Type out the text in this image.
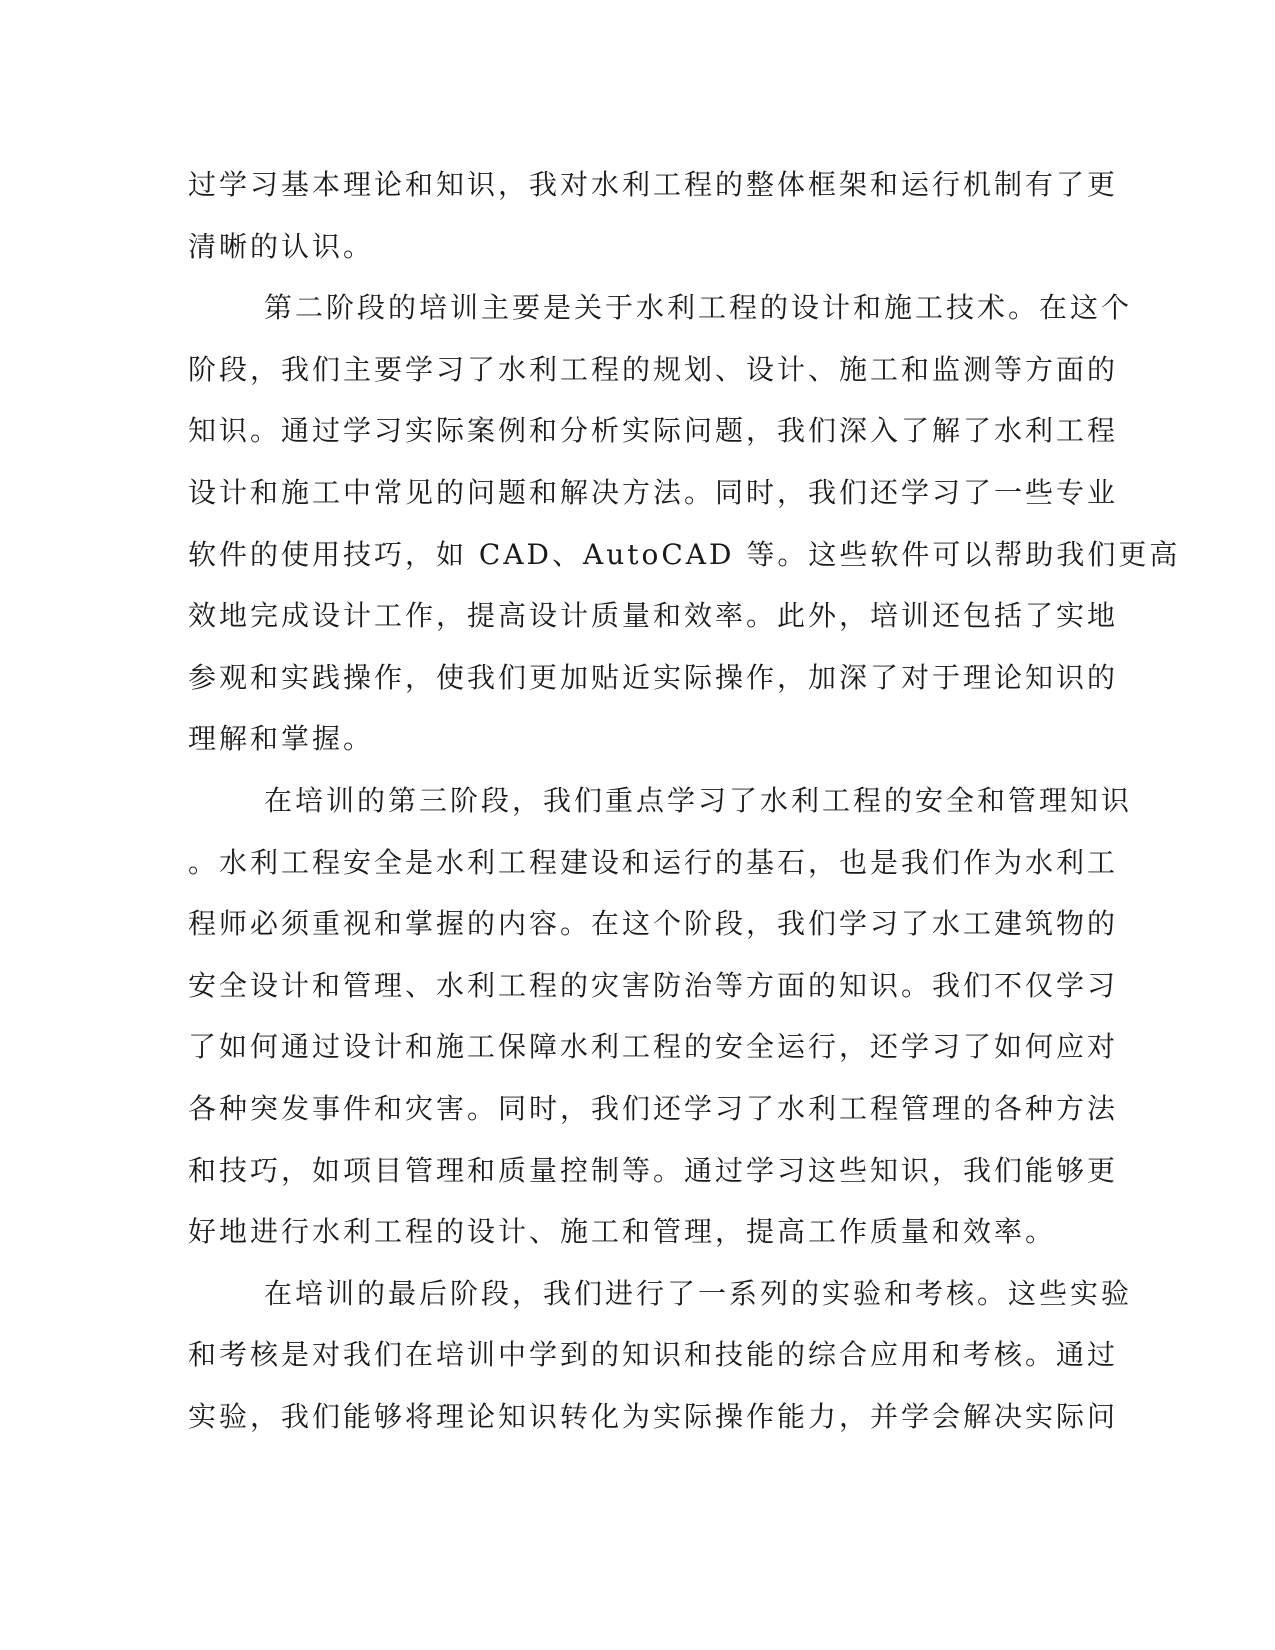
过学习基本理论和知识，我对水利工程的整体框架和运行机制有了更
清晰的认识。
第二阶段的培训主要是关于水利工程的设计和施工技术。在这个
阶段，我们主要学习了水利工程的规划、设计、施工和监测等方面的
知识。通过学习实际案例和分析实际问题，我们深入了解了水利工程
设计和施工中常见的问题和解决方法。同时，我们还学习了一些专业
软件的使用技巧，如 CAD、AutoCAD 等。这些软件可以帮助我们更高
效地完成设计工作，提高设计质量和效率。此外，培训还包括了实地
参观和实践操作，使我们更加贴近实际操作，加深了对于理论知识的
理解和掌握。
在培训的第三阶段，我们重点学习了水利工程的安全和管理知识
。水利工程安全是水利工程建设和运行的基石，也是我们作为水利工
程师必须重视和掌握的内容。在这个阶段，我们学习了水工建筑物的
安全设计和管理、水利工程的灾害防治等方面的知识。我们不仅学习
了如何通过设计和施工保障水利工程的安全运行，还学习了如何应对
各种突发事件和灾害。同时，我们还学习了水利工程管理的各种方法
和技巧，如项目管理和质量控制等。通过学习这些知识，我们能够更
好地进行水利工程的设计、施工和管理，提高工作质量和效率。
在培训的最后阶段，我们进行了一系列的实验和考核。这些实验
和考核是对我们在培训中学到的知识和技能的综合应用和考核。通过
实验，我们能够将理论知识转化为实际操作能力，并学会解决实际问
